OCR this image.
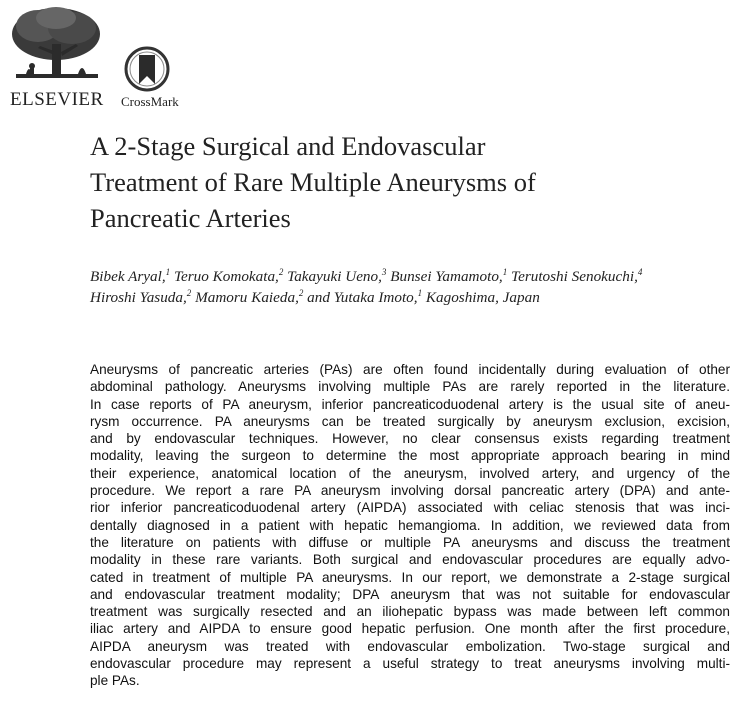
ELSEVIER CrossMark
A 2-Stage Surgical and Endovascular
Treatment of Rare Multiple Aneurysms of
Pancreatic Arteries
Bibek Aryal,$^1$ Teruo Komokata,$^2$ Takayuki Ueno,$^3$ Bunsei Yamamoto,$^1$ Terutoshi Senokuchi,$^4$
Hiroshi Yasuda,$^2$ Mamoru Kaieda,$^2$ and Yutaka Imoto,$^1$ Kagoshima, Japan
Aneurysms of pancreatic arteries (PAs) are often found incidentally during evaluation of other
abdominal pathology. Aneurysms involving multiple PAs are rarely reported in the literature.
In case reports of PA aneurysm, inferior pancreaticoduodenal artery is the usual site of aneu-
rysm occurrence. PA aneurysms can be treated surgically by aneurysm exclusion, excision,
and by endovascular techniques. However, no clear consensus exists regarding treatment
modality, leaving the surgeon to determine the most appropriate approach bearing in mind
their experience, anatomical location of the aneurysm, involved artery, and urgency of the
procedure. We report a rare PA aneurysm involving dorsal pancreatic artery (DPA) and ante-
rior inferior pancreaticoduodenal artery (AIPDA) associated with celiac stenosis that was inci-
dentally diagnosed in a patient with hepatic hemangioma. In addition, we reviewed data from
the literature on patients with diffuse or multiple PA aneurysms and discuss the treatment
modality in these rare variants. Both surgical and endovascular procedures are equally advo-
cated in treatment of multiple PA aneurysms. In our report, we demonstrate a 2-stage surgical
and endovascular treatment modality; DPA aneurysm that was not suitable for endovascular
treatment was surgically resected and an iliohepatic bypass was made between left common
iliac artery and AIPDA to ensure good hepatic perfusion. One month after the first procedure,
AIPDA aneurysm was treated with endovascular embolization. Two-stage surgical and
endovascular procedure may represent a useful strategy to treat aneurysms involving multi-
ple PAs.
